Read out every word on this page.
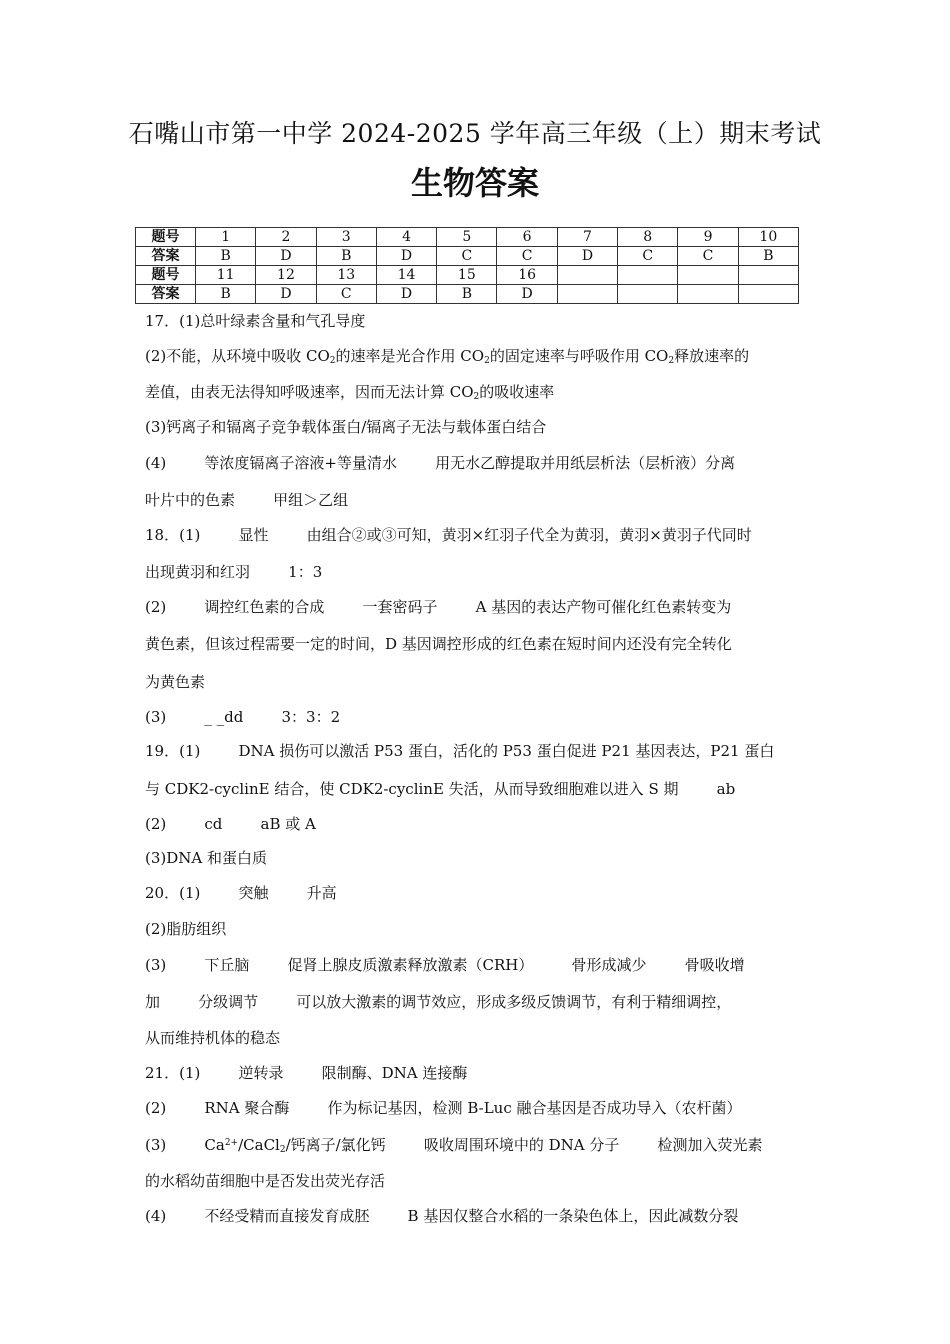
石嘴山市第一中学 2024-2025 学年高三年级（上）期末考试
生物答案
题号	1	2	3	4	5	6	7	8	9	10
答案	B	D	B	D	C	C	D	C	C	B
题号	11	12	13	14	15	16				
答案	B	D	C	D	B	D				
17．(1)总叶绿素含量和气孔导度
(2)不能，从环境中吸收 $CO_2$的速率是光合作用 $CO_2$的固定速率与呼吸作用 $CO_2$释放速率的
差值，由表无法得知呼吸速率，因而无法计算 $CO_2$的吸收速率
(3)钙离子和镉离子竞争载体蛋白/镉离子无法与载体蛋白结合
(4)        等浓度镉离子溶液+等量清水        用无水乙醇提取并用纸层析法（层析液）分离
叶片中的色素        甲组＞乙组
18．(1)        显性        由组合②或③可知，黄羽×红羽子代全为黄羽，黄羽×黄羽子代同时
出现黄羽和红羽        1：3
(2)        调控红色素的合成        一套密码子        A 基因的表达产物可催化红色素转变为
黄色素，但该过程需要一定的时间，D 基因调控形成的红色素在短时间内还没有完全转化
为黄色素
(3)        _ _dd        3：3：2
19．(1)        DNA 损伤可以激活 P53 蛋白，活化的 P53 蛋白促进 P21 基因表达，P21 蛋白
与 CDK2-cyclinE 结合，使 CDK2-cyclinE 失活，从而导致细胞难以进入 S 期        ab
(2)        cd        aB 或 A
(3)DNA 和蛋白质
20．(1)        突触        升高
(2)脂肪组织
(3)        下丘脑        促肾上腺皮质激素释放激素（CRH）        骨形成减少        骨吸收增
加        分级调节        可以放大激素的调节效应，形成多级反馈调节，有利于精细调控，
从而维持机体的稳态
21．(1)        逆转录        限制酶、DNA 连接酶
(2)        RNA 聚合酶        作为标记基因，检测 B-Luc 融合基因是否成功导入（农杆菌）
(3)        $Ca^{2+}/CaCl_2/$钙离子/氯化钙        吸收周围环境中的 DNA 分子        检测加入荧光素
的水稻幼苗细胞中是否发出荧光存活
(4)        不经受精而直接发育成胚        B 基因仅整合水稻的一条染色体上，因此减数分裂
